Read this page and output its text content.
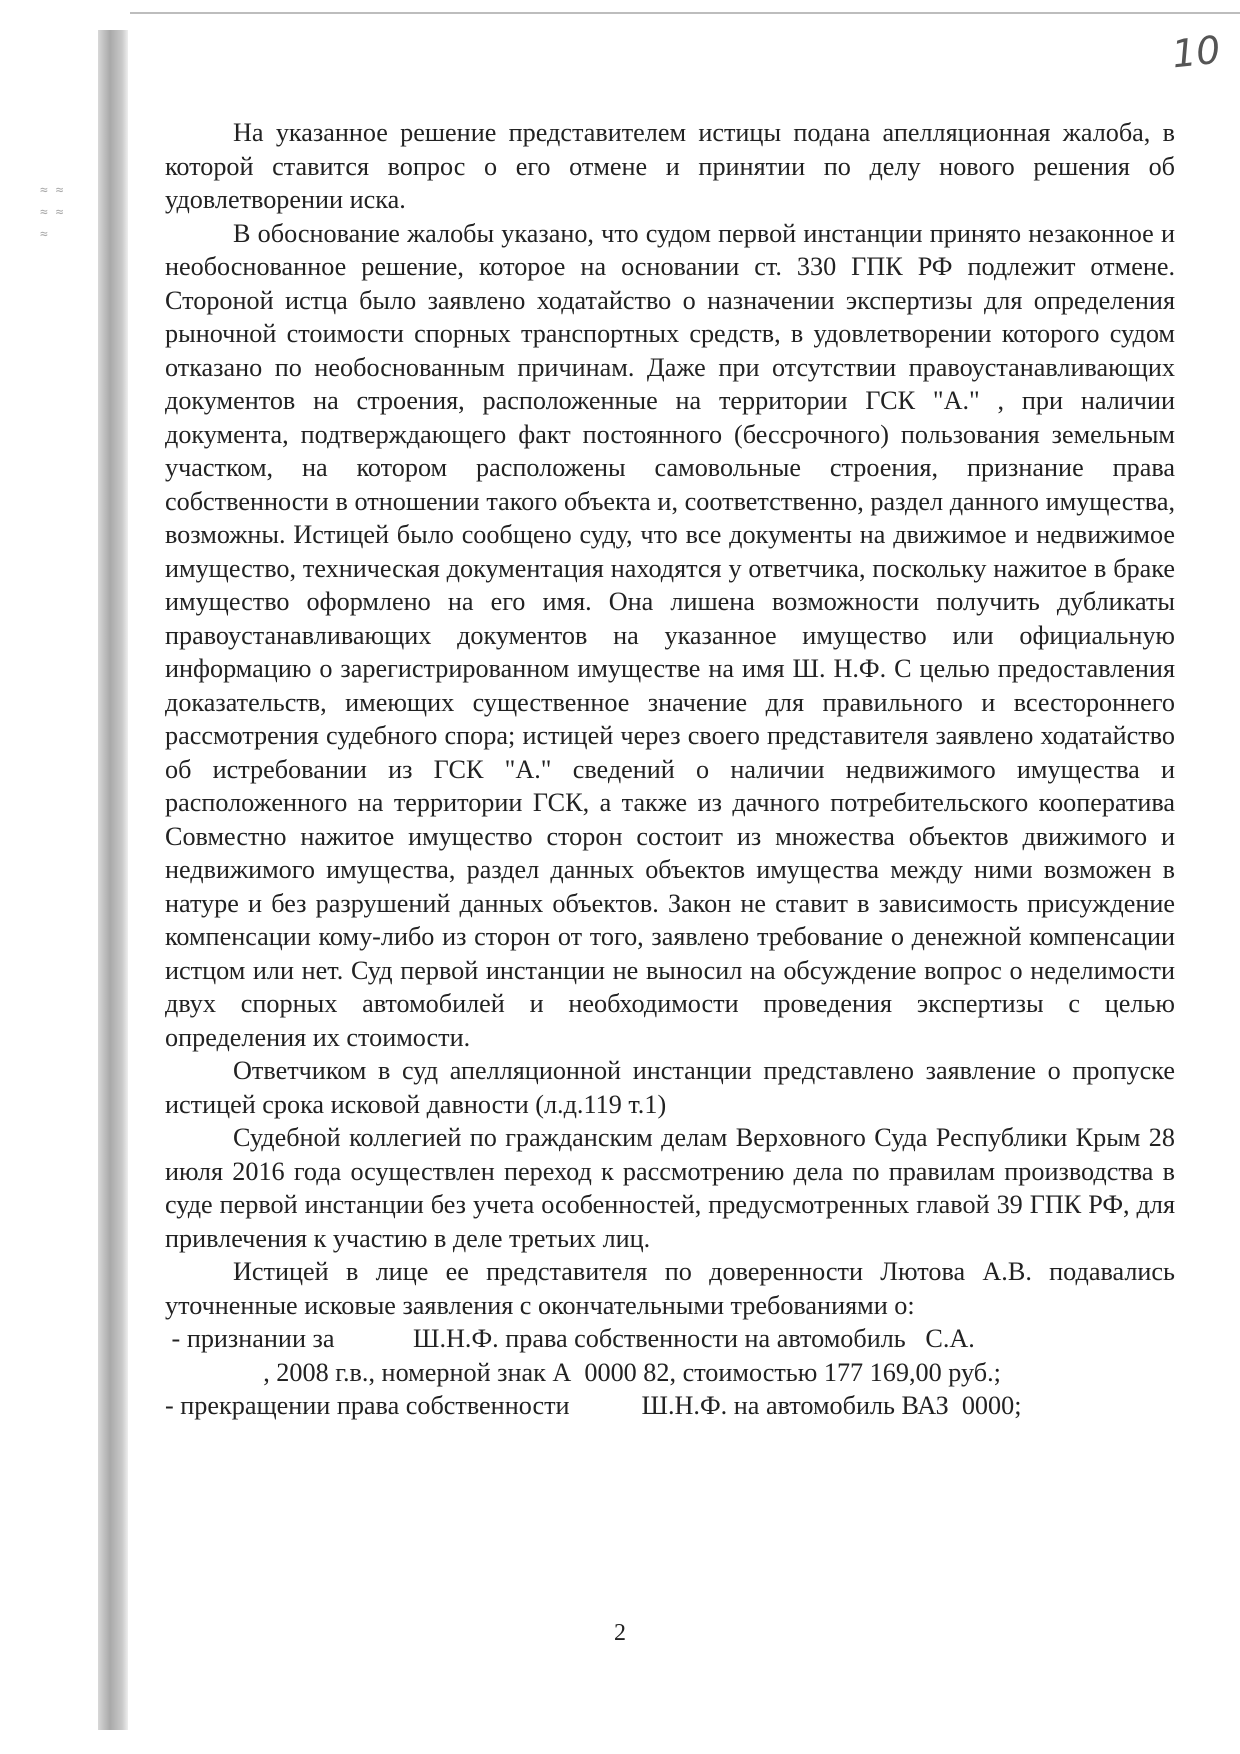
10
≈ ≈
≈ ≈
≈

На указанное решение представителем истицы подана апелляционная жалоба, в которой ставится вопрос о его отмене и принятии по делу нового решения об удовлетворении иска.

В обоснование жалобы указано, что судом первой инстанции принято незаконное и необоснованное решение, которое на основании ст. 330 ГПК РФ подлежит отмене. Стороной истца было заявлено ходатайство о назначении экспертизы для определения рыночной стоимости спорных транспортных средств, в удовлетворении которого судом отказано по необоснованным причинам. Даже при отсутствии правоустанавливающих документов на строения, расположенные на территории ГСК "А." , при наличии документа, подтверждающего факт постоянного (бессрочного) пользования земельным участком, на котором расположены самовольные строения, признание права собственности в отношении такого объекта и, соответственно, раздел данного имущества, возможны. Истицей было сообщено суду, что все документы на движимое и недвижимое имущество, техническая документация находятся у ответчика, поскольку нажитое в браке имущество оформлено на его имя. Она лишена возможности получить дубликаты правоустанавливающих документов на указанное имущество или официальную информацию о зарегистрированном имуществе на имя Ш. Н.Ф. С целью предоставления доказательств, имеющих существенное значение для правильного и всестороннего рассмотрения судебного спора; истицей через своего представителя заявлено ходатайство об истребовании из ГСК "А." сведений о наличии недвижимого имущества и расположенного на территории ГСК, а также из дачного потребительского кооператива Совместно нажитое имущество сторон состоит из множества объектов движимого и недвижимого имущества, раздел данных объектов имущества между ними возможен в натуре и без разрушений данных объектов. Закон не ставит в зависимость присуждение компенсации кому-либо из сторон от того, заявлено требование о денежной компенсации истцом или нет. Суд первой инстанции не выносил на обсуждение вопрос о неделимости двух спорных автомобилей и необходимости проведения экспертизы с целью определения их стоимости.

Ответчиком в суд апелляционной инстанции представлено заявление о пропуске истицей срока исковой давности (л.д.119 т.1)

Судебной коллегией по гражданским делам Верховного Суда Республики Крым 28 июля 2016 года осуществлен переход к рассмотрению дела по правилам производства в суде первой инстанции без учета особенностей, предусмотренных главой 39 ГПК РФ, для привлечения к участию в деле третьих лиц.

Истицей в лице ее представителя по доверенности Лютова А.В. подавались уточненные исковые заявления с окончательными требованиями о:

- признании за            Ш.Н.Ф. права собственности на автомобиль   С.А.

, 2008 г.в., номерной знак А  0000 82, стоимостью 177 169,00 руб.;

- прекращении права собственности           Ш.Н.Ф. на автомобиль ВАЗ  0000;

2
